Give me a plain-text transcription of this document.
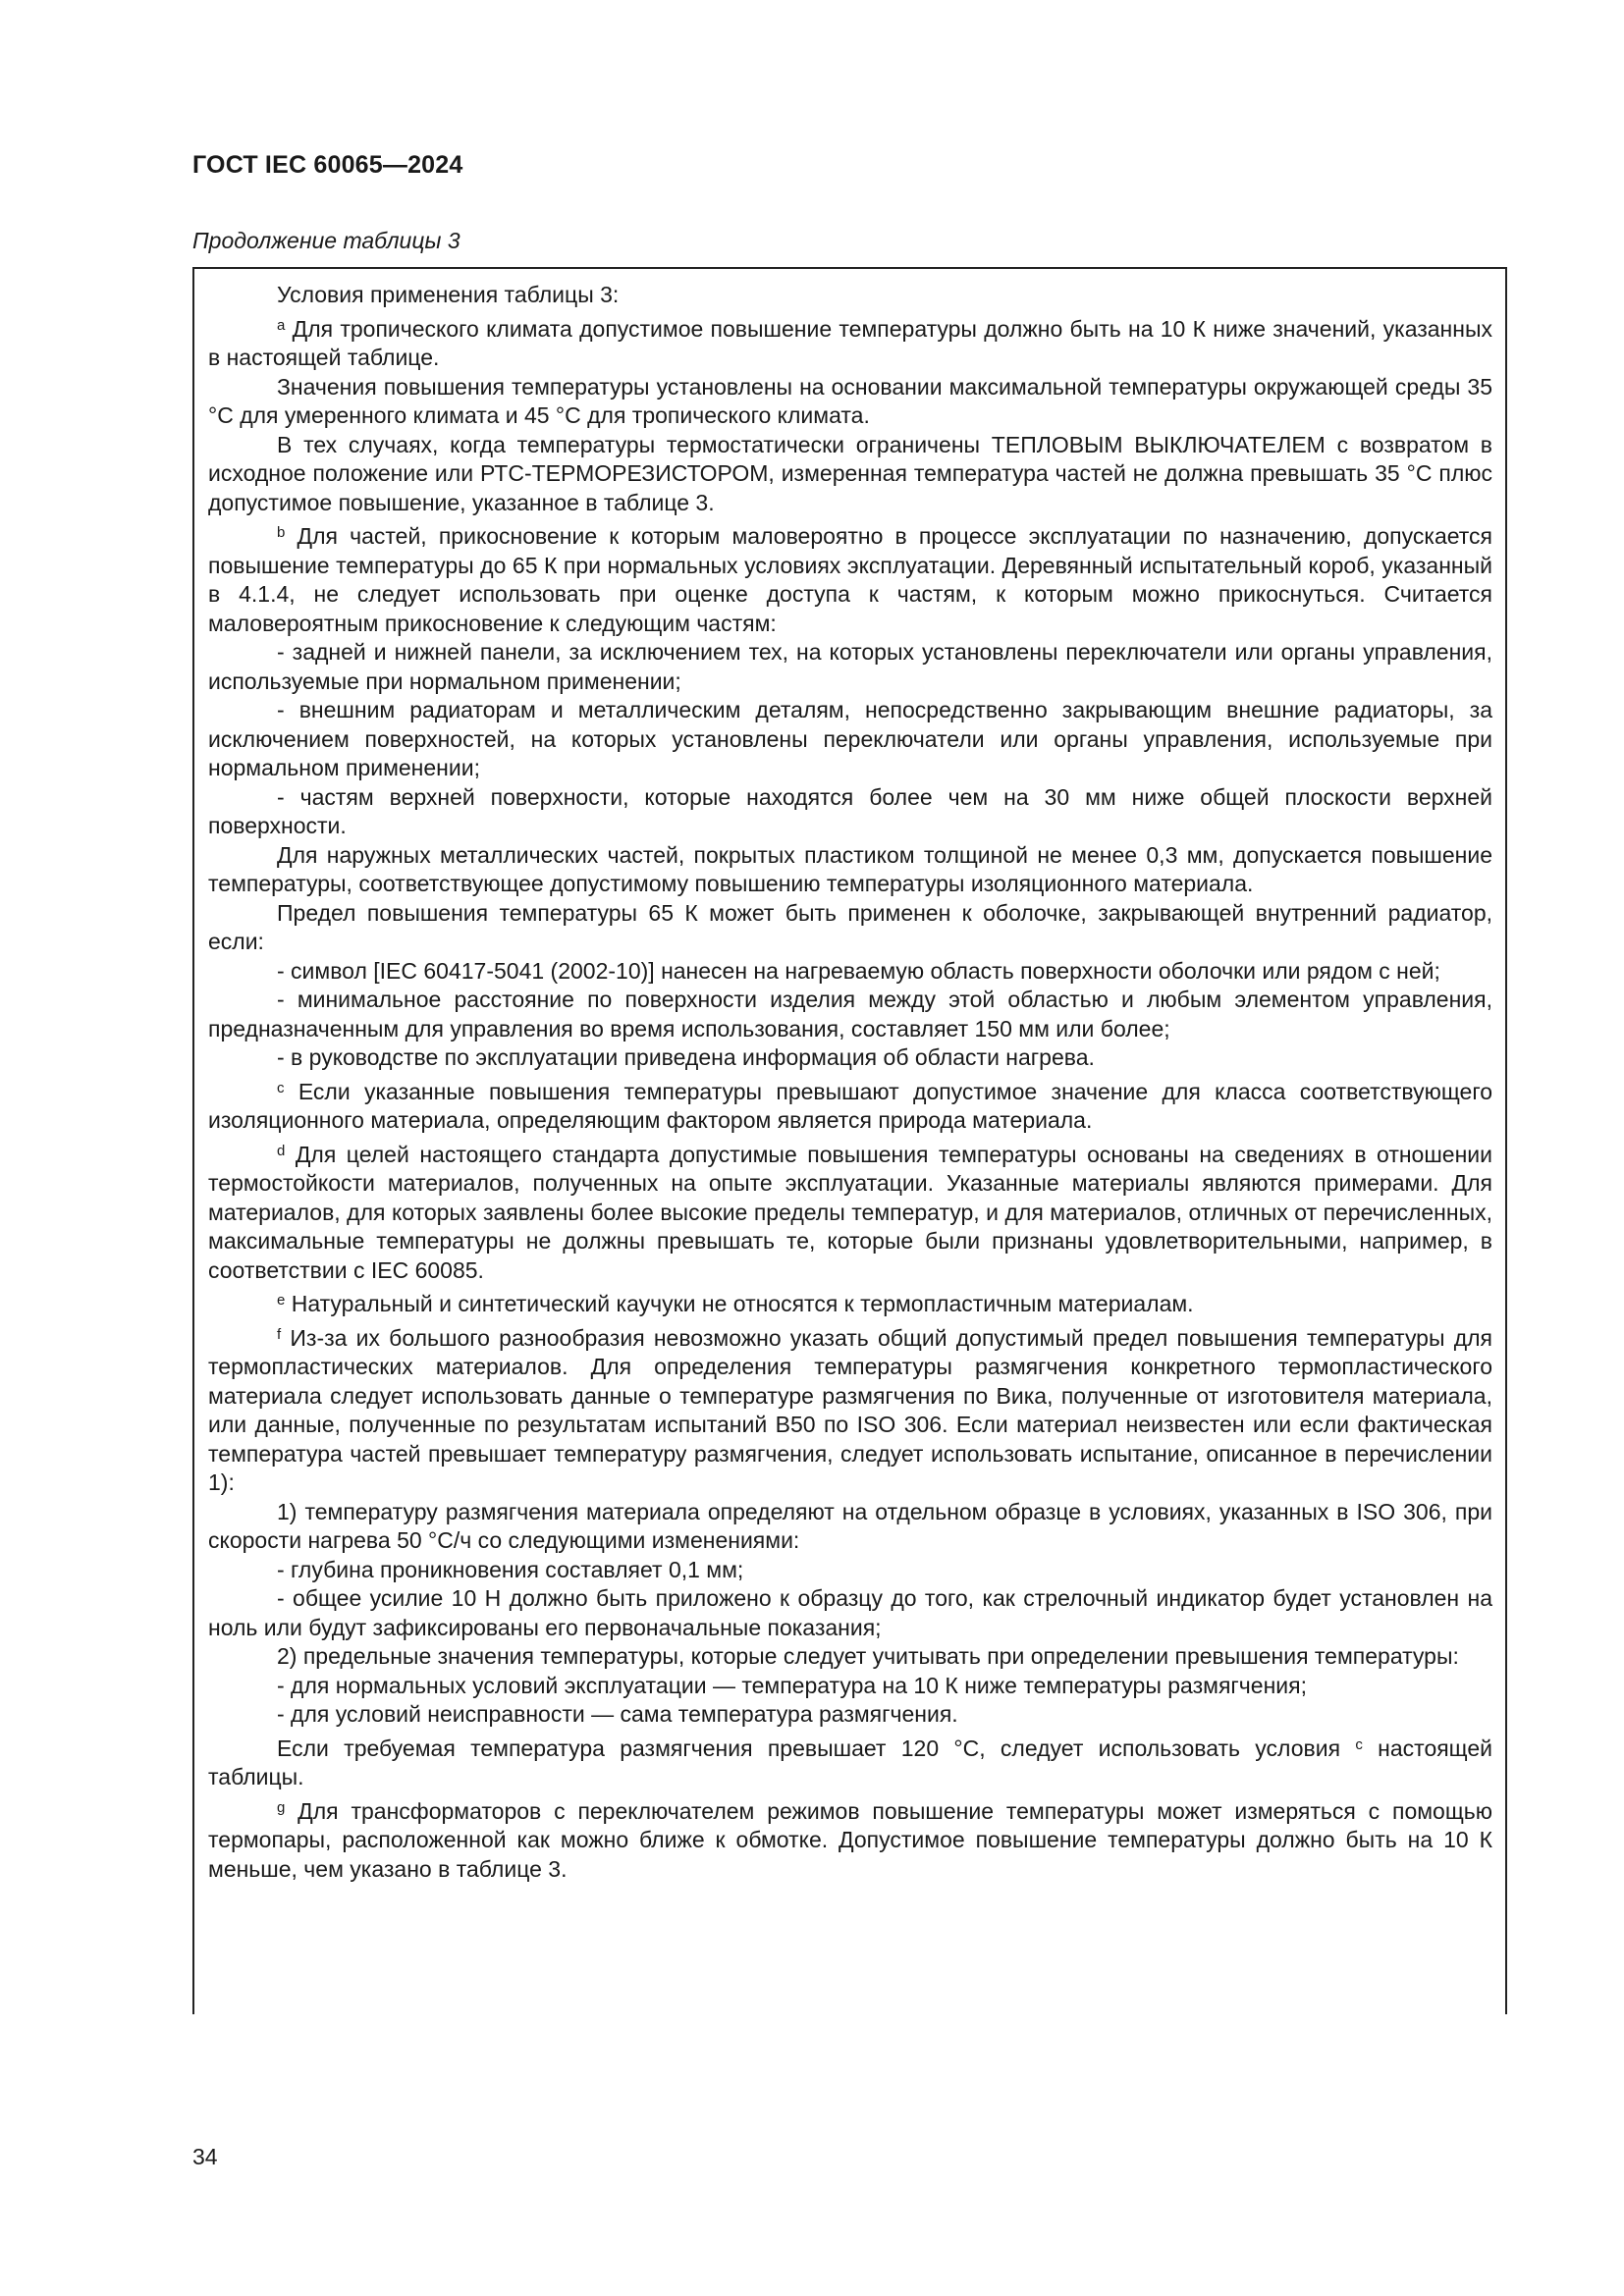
ГОСТ IEC 60065—2024
Продолжение таблицы 3

Условия применения таблицы 3:

$^a$ Для тропического климата допустимое повышение температуры должно быть на 10 К ниже значений, указанных в настоящей таблице.

Значения повышения температуры установлены на основании максимальной температуры окружающей среды 35 °С для умеренного климата и 45 °С для тропического климата.

В тех случаях, когда температуры термостатически ограничены ТЕПЛОВЫМ ВЫКЛЮЧАТЕЛЕМ с возвратом в исходное положение или РТС-ТЕРМОРЕЗИСТОРОМ, измеренная температура частей не должна превышать 35 °С плюс допустимое повышение, указанное в таблице 3.

$^b$ Для частей, прикосновение к которым маловероятно в процессе эксплуатации по назначению, допускается повышение температуры до 65 К при нормальных условиях эксплуатации. Деревянный испытательный короб, указанный в 4.1.4, не следует использовать при оценке доступа к частям, к которым можно прикоснуться. Считается маловероятным прикосновение к следующим частям:

- задней и нижней панели, за исключением тех, на которых установлены переключатели или органы управления, используемые при нормальном применении;

- внешним радиаторам и металлическим деталям, непосредственно закрывающим внешние радиаторы, за исключением поверхностей, на которых установлены переключатели или органы управления, используемые при нормальном применении;

- частям верхней поверхности, которые находятся более чем на 30 мм ниже общей плоскости верхней поверхности.

Для наружных металлических частей, покрытых пластиком толщиной не менее 0,3 мм, допускается повышение температуры, соответствующее допустимому повышению температуры изоляционного материала.

Предел повышения температуры 65 К может быть применен к оболочке, закрывающей внутренний радиатор, если:

- символ [IEC 60417-5041 (2002-10)] нанесен на нагреваемую область поверхности оболочки или рядом с ней;

- минимальное расстояние по поверхности изделия между этой областью и любым элементом управления, предназначенным для управления во время использования, составляет 150 мм или более;

- в руководстве по эксплуатации приведена информация об области нагрева.

$^c$ Если указанные повышения температуры превышают допустимое значение для класса соответствующего изоляционного материала, определяющим фактором является природа материала.

$^d$ Для целей настоящего стандарта допустимые повышения температуры основаны на сведениях в отношении термостойкости материалов, полученных на опыте эксплуатации. Указанные материалы являются примерами. Для материалов, для которых заявлены более высокие пределы температур, и для материалов, отличных от перечисленных, максимальные температуры не должны превышать те, которые были признаны удовлетворительными, например, в соответствии с IEC 60085.

$^e$ Натуральный и синтетический каучуки не относятся к термопластичным материалам.

$^f$ Из-за их большого разнообразия невозможно указать общий допустимый предел повышения температуры для термопластических материалов. Для определения температуры размягчения конкретного термопластического материала следует использовать данные о температуре размягчения по Вика, полученные от изготовителя материала, или данные, полученные по результатам испытаний В50 по ISO 306. Если материал неизвестен или если фактическая температура частей превышает температуру размягчения, следует использовать испытание, описанное в перечислении 1):

1) температуру размягчения материала определяют на отдельном образце в условиях, указанных в ISO 306, при скорости нагрева 50 °С/ч со следующими изменениями:

- глубина проникновения составляет 0,1 мм;

- общее усилие 10 Н должно быть приложено к образцу до того, как стрелочный индикатор будет установлен на ноль или будут зафиксированы его первоначальные показания;

2) предельные значения температуры, которые следует учитывать при определении превышения температуры:

- для нормальных условий эксплуатации — температура на 10 К ниже температуры размягчения;

- для условий неисправности — сама температура размягчения.

Если требуемая температура размягчения превышает 120 °С, следует использовать условия $^c$ настоящей таблицы.

$^g$ Для трансформаторов с переключателем режимов повышение температуры может измеряться с помощью термопары, расположенной как можно ближе к обмотке. Допустимое повышение температуры должно быть на 10 К меньше, чем указано в таблице 3.

34
